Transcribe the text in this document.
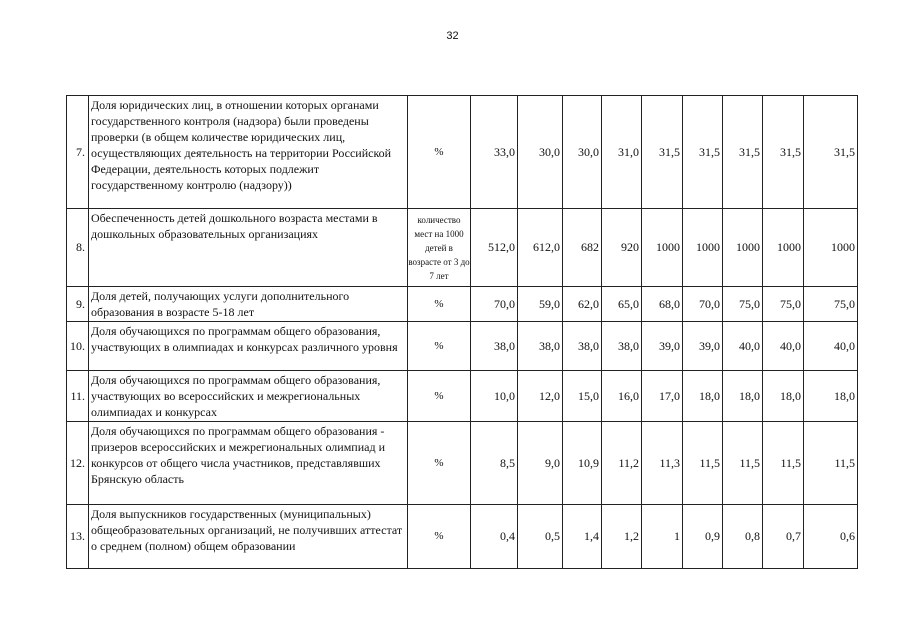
32
7.	Доля юридических лиц, в отношении которых органами государственного контроля (надзора) были проведены проверки (в общем количестве юридических лиц, осуществляющих деятельность на территории Российской Федерации, деятельность которых подлежит государственному контролю (надзору))	%	33,0	30,0	30,0	31,0	31,5	31,5	31,5	31,5	31,5
8.	Обеспеченность детей дошкольного возраста местами в дошкольных образовательных организациях	количество мест на 1000 детей в возрасте от 3 до 7 лет	512,0	612,0	682	920	1000	1000	1000	1000	1000
9.	Доля детей, получающих услуги дополнительного образования в возрасте 5-18 лет	%	70,0	59,0	62,0	65,0	68,0	70,0	75,0	75,0	75,0
10.	Доля обучающихся по программам общего образования, участвующих в олимпиадах и конкурсах различного уровня	%	38,0	38,0	38,0	38,0	39,0	39,0	40,0	40,0	40,0
11.	Доля обучающихся по программам общего образования, участвующих во всероссийских и межрегиональных олимпиадах и конкурсах	%	10,0	12,0	15,0	16,0	17,0	18,0	18,0	18,0	18,0
12.	Доля обучающихся по программам общего образования - призеров всероссийских и межрегиональных олимпиад и конкурсов от общего числа участников, представлявших Брянскую область	%	8,5	9,0	10,9	11,2	11,3	11,5	11,5	11,5	11,5
13.	Доля выпускников государственных (муниципальных) общеобразовательных организаций, не получивших аттестат о среднем (полном) общем образовании	%	0,4	0,5	1,4	1,2	1	0,9	0,8	0,7	0,6
